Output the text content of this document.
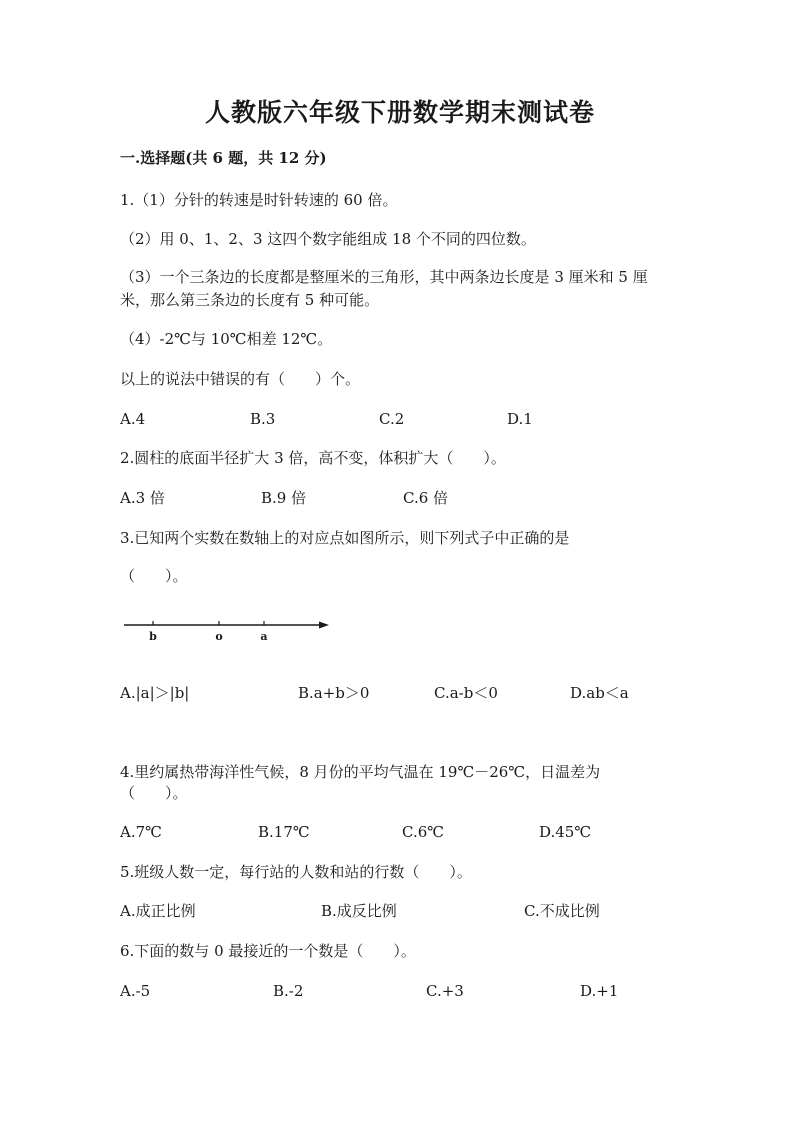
人教版六年级下册数学期末测试卷
一.选择题(共 6 题，共 12 分)
1.（1）分针的转速是时针转速的 60 倍。
（2）用 0、1、2、3 这四个数字能组成 18 个不同的四位数。
（3）一个三条边的长度都是整厘米的三角形，其中两条边长度是 3 厘米和 5 厘
米，那么第三条边的长度有 5 种可能。
（4）-2℃与 10℃相差 12℃。
以上的说法中错误的有（　　）个。
A.4	B.3	C.2	D.1
2.圆柱的底面半径扩大 3 倍，高不变，体积扩大（　　）。
A.3 倍	B.9 倍	C.6 倍
3.已知两个实数在数轴上的对应点如图所示，则下列式子中正确的是
（　　）。
b	o	a
A.|a|＞|b|	B.a+b＞0	C.a-b＜0	D.ab＜a
4.里约属热带海洋性气候，8 月份的平均气温在 19℃－26℃，日温差为
（　　）。
A.7℃	B.17℃	C.6℃	D.45℃
5.班级人数一定，每行站的人数和站的行数（　　）。
A.成正比例	B.成反比例	C.不成比例
6.下面的数与 0 最接近的一个数是（　　）。
A.-5	B.-2	C.+3	D.+1
